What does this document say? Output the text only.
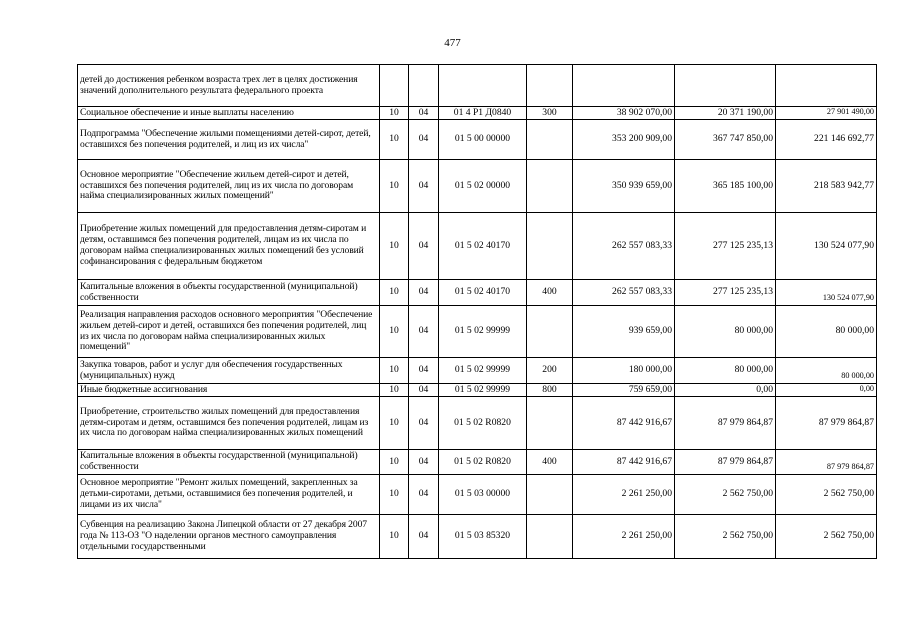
477
детей до достижения ребенком возраста трех лет в целях достижения значений дополнительного результата федерального проекта							
Социальное обеспечение и иные выплаты населению	10	04	01 4 P1 Д0840	300	38 902 070,00	20 371 190,00	27 901 490,00
Подпрограмма "Обеспечение жилыми помещениями детей-сирот, детей, оставшихся без попечения родителей, и лиц из их числа"	10	04	01 5 00 00000		353 200 909,00	367 747 850,00	221 146 692,77
Основное мероприятие "Обеспечение жильем детей-сирот и детей, оставшихся без попечения родителей, лиц из их числа по договорам найма специализированных жилых помещений"	10	04	01 5 02 00000		350 939 659,00	365 185 100,00	218 583 942,77
Приобретение жилых помещений для предоставления детям-сиротам и детям, оставшимся без попечения родителей, лицам из их числа по договорам найма специализированных жилых помещений без условий софинансирования с федеральным бюджетом	10	04	01 5 02 40170		262 557 083,33	277 125 235,13	130 524 077,90
Капитальные вложения в объекты государственной (муниципальной) собственности	10	04	01 5 02 40170	400	262 557 083,33	277 125 235,13	130 524 077,90
Реализация направления расходов основного мероприятия "Обеспечение жильем детей-сирот и детей, оставшихся без попечения родителей, лиц из их числа по договорам найма специализированных жилых помещений"	10	04	01 5 02 99999		939 659,00	80 000,00	80 000,00
Закупка товаров, работ и услуг для обеспечения государственных (муниципальных) нужд	10	04	01 5 02 99999	200	180 000,00	80 000,00	80 000,00
Иные бюджетные ассигнования	10	04	01 5 02 99999	800	759 659,00	0,00	0,00
Приобретение, строительство жилых помещений для предоставления детям-сиротам и детям, оставшимся без попечения родителей, лицам из их числа по договорам найма специализированных жилых помещений	10	04	01 5 02 R0820		87 442 916,67	87 979 864,87	87 979 864,87
Капитальные вложения в объекты государственной (муниципальной) собственности	10	04	01 5 02 R0820	400	87 442 916,67	87 979 864,87	87 979 864,87
Основное мероприятие "Ремонт жилых помещений, закрепленных за детьми-сиротами, детьми, оставшимися без попечения родителей, и лицами из их числа"	10	04	01 5 03 00000		2 261 250,00	2 562 750,00	2 562 750,00
Субвенция на реализацию Закона Липецкой области от 27 декабря 2007 года № 113-ОЗ "О наделении органов местного самоуправления отдельными государственными	10	04	01 5 03 85320		2 261 250,00	2 562 750,00	2 562 750,00
